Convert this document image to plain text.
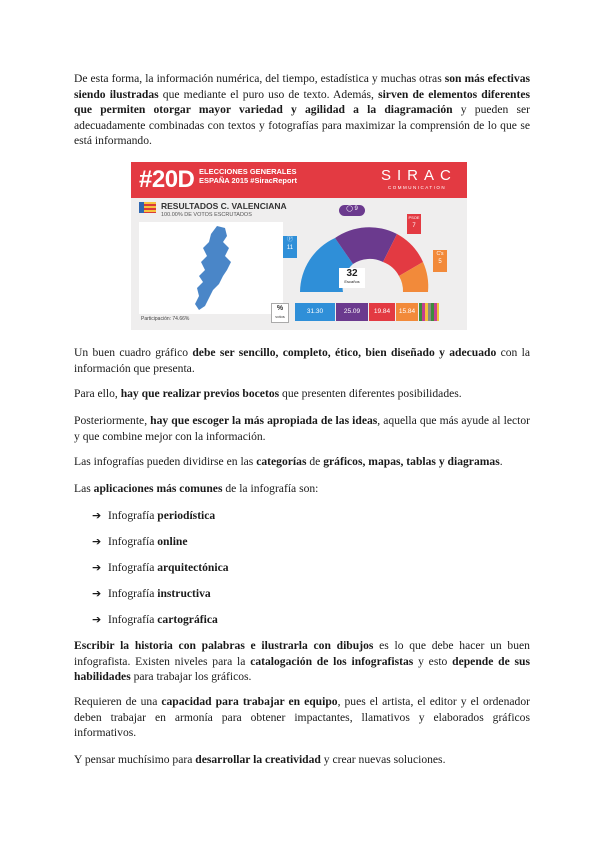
De esta forma, la información numérica, del tiempo, estadística y muchas otras son más efectivas siendo ilustradas que mediante el puro uso de texto. Además, sirven de elementos diferentes que permiten otorgar mayor variedad y agilidad a la diagramación y pueden ser adecuadamente combinadas con textos y fotografías para maximizar la comprensión de lo que se está informando.

#20D ELECCIONES GENERALES
ESPAÑA 2015 #SiracReport	SIRAC
COMMUNICATION
RESULTADOS C. VALENCIANA
100.00% DE VOTOS ESCRUTADOS
Participación: 74.66%
32
Escaños
Ⓟ
11
◯ 9
PSOE
7
C's
5
%
votos
31.30	25.09	19.84	15.84

Un buen cuadro gráfico debe ser sencillo, completo, ético, bien diseñado y adecuado con la información que presenta.

Para ello, hay que realizar previos bocetos que presenten diferentes posibilidades.

Posteriormente, hay que escoger la más apropiada de las ideas, aquella que más ayude al lector y que combine mejor con la información.

Las infografías pueden dividirse en las categorías de gráficos, mapas, tablas y diagramas.

Las aplicaciones más comunes de la infografía son:

➔ Infografía periodística
➔ Infografía online
➔ Infografía arquitectónica
➔ Infografía instructiva
➔ Infografía cartográfica

Escribir la historia con palabras e ilustrarla con dibujos es lo que debe hacer un buen infografista. Existen niveles para la catalogación de los infografistas y esto depende de sus habilidades para trabajar los gráficos.

Requieren de una capacidad para trabajar en equipo, pues el artista, el editor y el ordenador deben trabajar en armonía para obtener impactantes, llamativos y elaborados gráficos informativos.

Y pensar muchísimo para desarrollar la creatividad y crear nuevas soluciones.
